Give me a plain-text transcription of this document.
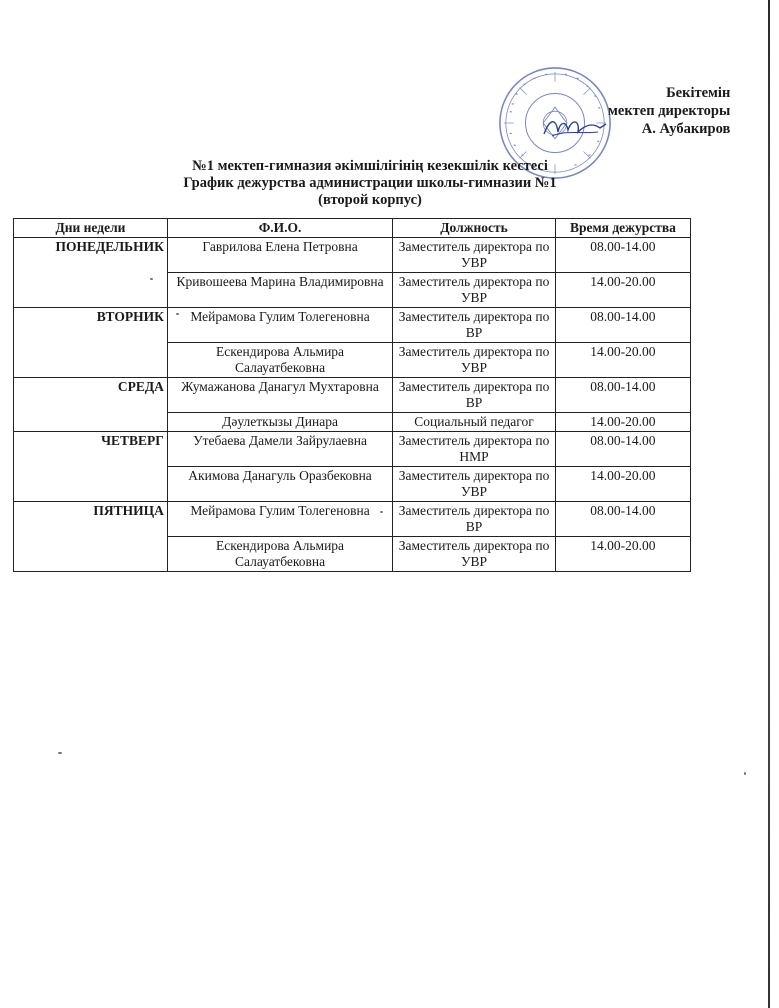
Бекітемін
мектеп директоры
А. Аубакиров
№1 мектеп-гимназия әкімшілігінің кезекшілік кестесі
График дежурства администрации школы-гимназии №1
(второй корпус)
Дни недели	Ф.И.О.	Должность	Время дежурства
ПОНЕДЕЛЬНИК	Гаврилова Елена Петровна	Заместитель директора по УВР	08.00-14.00
	Кривошеева Марина Владимировна	Заместитель директора по УВР	14.00-20.00
ВТОРНИК	Мейрамова Гулим Толегеновна	Заместитель директора по ВР	08.00-14.00
	Ескендирова Альмира Салауатбековна	Заместитель директора по УВР	14.00-20.00
СРЕДА	Жумажанова Данагул Мухтаровна	Заместитель директора по ВР	08.00-14.00
	Дәулеткызы Динара	Социальный педагог	14.00-20.00
ЧЕТВЕРГ	Утебаева Дамели Зайрулаевна	Заместитель директора по НМР	08.00-14.00
	Акимова Данагуль Оразбековна	Заместитель директора по УВР	14.00-20.00
ПЯТНИЦА	Мейрамова Гулим Толегеновна	Заместитель директора по ВР	08.00-14.00
	Ескендирова Альмира Салауатбековна	Заместитель директора по УВР	14.00-20.00
